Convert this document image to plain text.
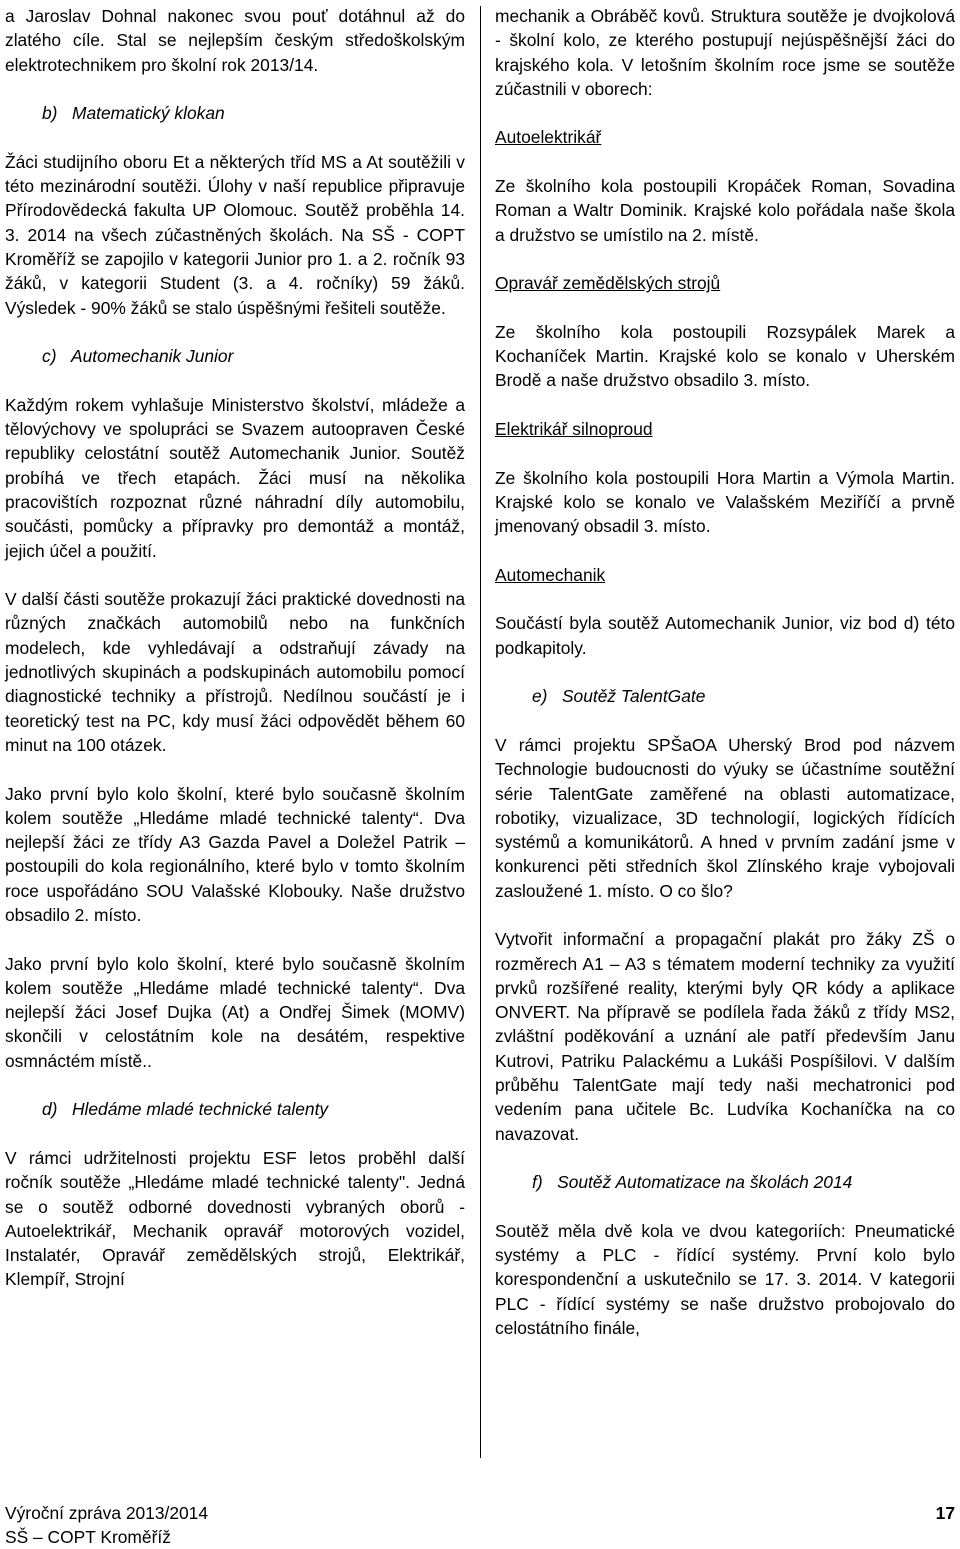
a Jaroslav Dohnal nakonec svou pouť dotáhnul až do zlatého cíle. Stal se nejlepším českým středoškolským elektrotechnikem pro školní rok 2013/14.

b)   Matematický klokan

Žáci studijního oboru Et a některých tříd MS a At soutěžili v této mezinárodní soutěži. Úlohy v naší republice připravuje Přírodovědecká fakulta UP Olomouc. Soutěž proběhla 14. 3. 2014 na všech zúčastněných školách. Na SŠ - COPT Kroměříž se zapojilo v kategorii Junior pro 1. a 2. ročník 93 žáků, v kategorii Student (3. a 4. ročníky) 59 žáků. Výsledek - 90% žáků se stalo úspěšnými řešiteli soutěže.

c)   Automechanik Junior

Každým rokem vyhlašuje Ministerstvo školství, mládeže a tělovýchovy ve spolupráci se Svazem autoopraven České republiky celostátní soutěž Automechanik Junior. Soutěž probíhá ve třech etapách. Žáci musí na několika pracovištích rozpoznat různé náhradní díly automobilu, součásti, pomůcky a přípravky pro demontáž a montáž, jejich účel a použití.

V další části soutěže prokazují žáci praktické dovednosti na různých značkách automobilů nebo na funkčních modelech, kde vyhledávají a odstraňují závady na jednotlivých skupinách a podskupinách automobilu pomocí diagnostické techniky a přístrojů. Nedílnou součástí je i teoretický test na PC, kdy musí žáci odpovědět během 60 minut na 100 otázek.

Jako první bylo kolo školní, které bylo současně školním kolem soutěže „Hledáme mladé technické talenty“. Dva nejlepší žáci ze třídy A3 Gazda Pavel a Doležel Patrik – postoupili do kola regionálního, které bylo v tomto školním roce uspořádáno SOU Valašské Klobouky. Naše družstvo obsadilo 2. místo.

Jako první bylo kolo školní, které bylo současně školním kolem soutěže „Hledáme mladé technické talenty“. Dva nejlepší žáci Josef Dujka (At) a Ondřej Šimek (MOMV) skončili v celostátním kole na desátém, respektive osmnáctém místě..

d)   Hledáme mladé technické talenty

V rámci udržitelnosti projektu ESF letos proběhl další ročník soutěže „Hledáme mladé technické talenty". Jedná se o soutěž odborné dovednosti vybraných oborů - Autoelektrikář, Mechanik opravář motorových vozidel, Instalatér, Opravář zemědělských strojů, Elektrikář, Klempíř, Strojní

mechanik a Obráběč kovů. Struktura soutěže je dvojkolová - školní kolo, ze kterého postupují nejúspěšnější žáci do krajského kola. V letošním školním roce jsme se soutěže zúčastnili v oborech:

Autoelektrikář

Ze školního kola postoupili Kropáček Roman, Sovadina Roman a Waltr Dominik. Krajské kolo pořádala naše škola a družstvo se umístilo na 2. místě.

Opravář zemědělských strojů

Ze školního kola postoupili Rozsypálek Marek a Kochaníček Martin. Krajské kolo se konalo v Uherském Brodě a naše družstvo obsadilo 3. místo.

Elektrikář silnoproud

Ze školního kola postoupili Hora Martin a Výmola Martin. Krajské kolo se konalo ve Valašském Meziříčí a prvně jmenovaný obsadil 3. místo.

Automechanik

Součástí byla soutěž Automechanik Junior, viz bod d) této podkapitoly.

e)   Soutěž TalentGate

V rámci projektu SPŠaOA Uherský Brod pod názvem Technologie budoucnosti do výuky se účastníme soutěžní série TalentGate zaměřené na oblasti automatizace, robotiky, vizualizace, 3D technologií, logických řídících systémů a komunikátorů. A hned v prvním zadání jsme v konkurenci pěti středních škol Zlínského kraje vybojovali zasloužené 1. místo. O co šlo?

Vytvořit informační a propagační plakát pro žáky ZŠ o rozměrech A1 – A3 s tématem moderní techniky za využití prvků rozšířené reality, kterými byly QR kódy a aplikace ONVERT. Na přípravě se podílela řada žáků z třídy MS2, zvláštní poděkování a uznání ale patří především Janu Kutrovi, Patriku Palackému a Lukáši Pospíšilovi. V dalším průběhu TalentGate mají tedy naši mechatronici pod vedením pana učitele Bc. Ludvíka Kochaníčka na co navazovat.

f)   Soutěž Automatizace na školách 2014

Soutěž měla dvě kola ve dvou kategoriích: Pneumatické systémy a PLC - řídící systémy. První kolo bylo korespondenční a uskutečnilo se 17. 3. 2014. V kategorii PLC - řídící systémy se naše družstvo probojovalo do celostátního finále,

Výroční zpráva 2013/2014
SŠ – COPT Kroměříž
17
